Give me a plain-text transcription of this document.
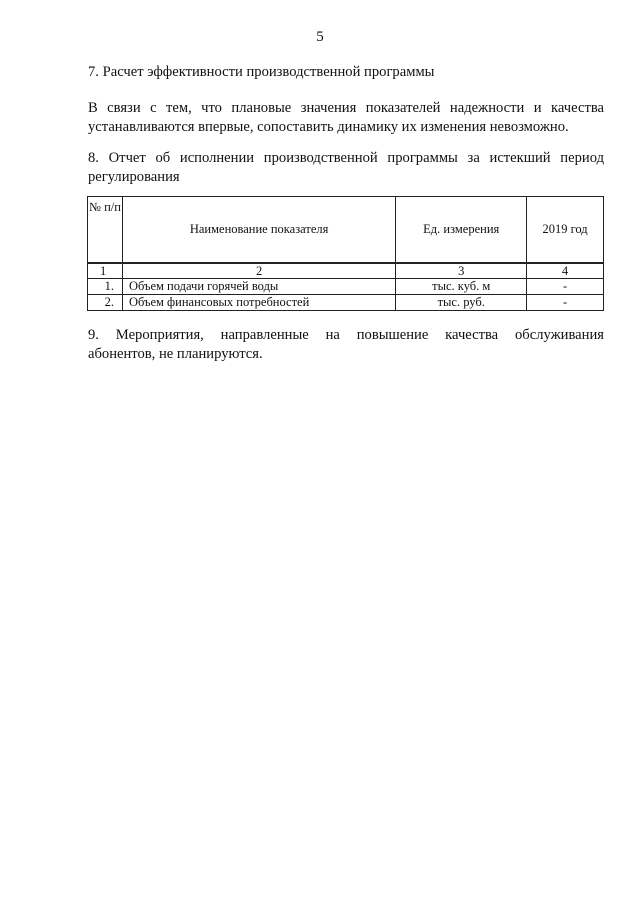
5

7. Расчет эффективности производственной программы

В связи с тем, что плановые значения показателей надежности и качества
устанавливаются впервые, сопоставить динамику их изменения невозможно.

8. Отчет об исполнении производственной программы за истекший период
регулирования

№ п/п	Наименование показателя	Ед. измерения	2019 год
1	2	3	4
1.	Объем подачи горячей воды	тыс. куб. м	-
2.	Объем финансовых потребностей	тыс. руб.	-

9. Мероприятия, направленные на повышение качества обслуживания
абонентов, не планируются.
